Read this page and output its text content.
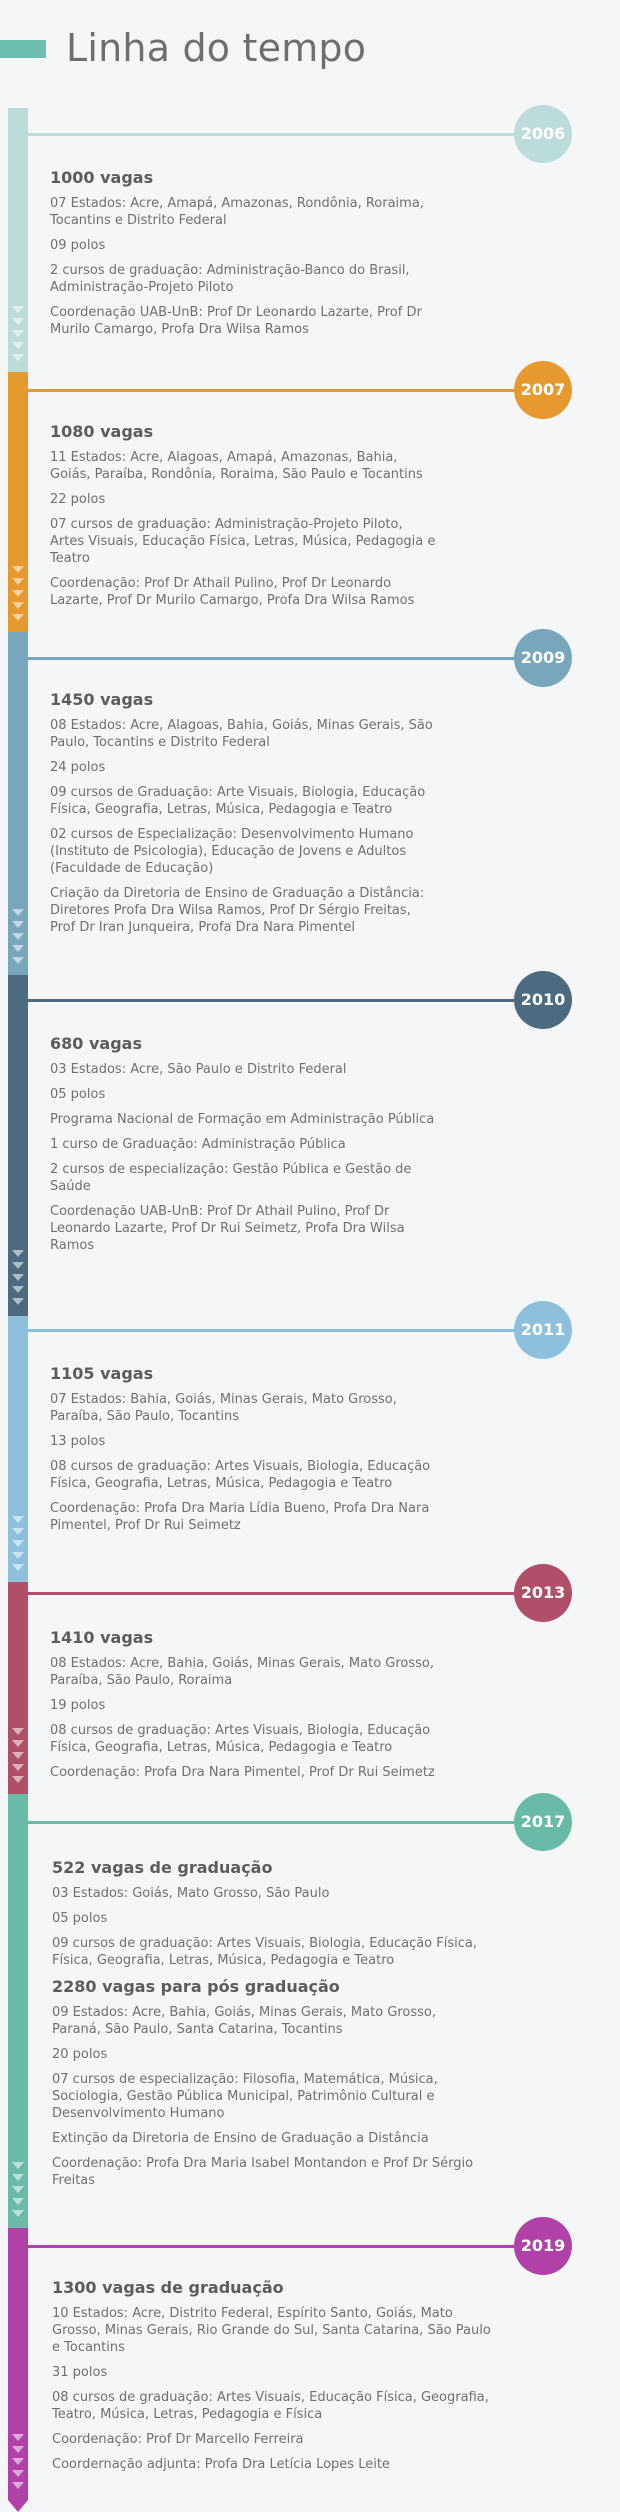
Linha do tempo
2006
1000 vagas

07 Estados: Acre, Amapá, Amazonas, Rondônia, Roraima, Tocantins e Distrito Federal

09 polos

2 cursos de graduação: Administração-Banco do Brasil, Administração-Projeto Piloto

Coordenação UAB-UnB: Prof Dr Leonardo Lazarte, Prof Dr Murilo Camargo, Profa Dra Wilsa Ramos

2007
1080 vagas

11 Estados: Acre, Alagoas, Amapá, Amazonas, Bahia, Goiás, Paraíba, Rondônia, Roraima, São Paulo e Tocantins

22 polos

07 cursos de graduação: Administração-Projeto Piloto, Artes Visuais, Educação Física, Letras, Música, Pedagogia e Teatro

Coordenação: Prof Dr Athail Pulino, Prof Dr Leonardo Lazarte, Prof Dr Murilo Camargo, Profa Dra Wilsa Ramos

2009
1450 vagas

08 Estados: Acre, Alagoas, Bahia, Goiás, Minas Gerais, São Paulo, Tocantins e Distrito Federal

24 polos

09 cursos de Graduação: Arte Visuais, Biologia, Educação Física, Geografia, Letras, Música, Pedagogia e Teatro

02 cursos de Especialização: Desenvolvimento Humano (Instituto de Psicologia), Educação de Jovens e Adultos (Faculdade de Educação)

Criação da Diretoria de Ensino de Graduação a Distância: Diretores Profa Dra Wilsa Ramos, Prof Dr Sérgio Freitas, Prof Dr Iran Junqueira, Profa Dra Nara Pimentel

2010
680 vagas

03 Estados: Acre, São Paulo e Distrito Federal

05 polos

Programa Nacional de Formação em Administração Pública

1 curso de Graduação: Administração Pública

2 cursos de especialização: Gestão Pública e Gestão de Saúde

Coordenação UAB-UnB: Prof Dr Athail Pulino, Prof Dr Leonardo Lazarte, Prof Dr Rui Seimetz, Profa Dra Wilsa Ramos

2011
1105 vagas

07 Estados: Bahia, Goiás, Minas Gerais, Mato Grosso, Paraíba, São Paulo, Tocantins

13 polos

08 cursos de graduação: Artes Visuais, Biologia, Educação Física, Geografia, Letras, Música, Pedagogia e Teatro

Coordenação: Profa Dra Maria Lídia Bueno, Profa Dra Nara Pimentel, Prof Dr Rui Seimetz

2013
1410 vagas

08 Estados: Acre, Bahia, Goiás, Minas Gerais, Mato Grosso, Paraíba, São Paulo, Roraima

19 polos

08 cursos de graduação: Artes Visuais, Biologia, Educação Física, Geografia, Letras, Música, Pedagogia e Teatro

Coordenação: Profa Dra Nara Pimentel, Prof Dr Rui Seimetz

2017
522 vagas de graduação

03 Estados: Goiás, Mato Grosso, São Paulo

05 polos

09 cursos de graduação: Artes Visuais, Biologia, Educação Física, Física, Geografia, Letras, Música, Pedagogia e Teatro

2280 vagas para pós graduação

09 Estados: Acre, Bahia, Goiás, Minas Gerais, Mato Grosso, Paraná, São Paulo, Santa Catarina, Tocantins

20 polos

07 cursos de especialização: Filosofia, Matemática, Música, Sociologia, Gestão Pública Municipal, Patrimônio Cultural e Desenvolvimento Humano

Extinção da Diretoria de Ensino de Graduação a Distância

Coordenação: Profa Dra Maria Isabel Montandon e Prof Dr Sérgio Freitas

2019
1300 vagas de graduação

10 Estados: Acre, Distrito Federal, Espírito Santo, Goiás, Mato Grosso, Minas Gerais, Rio Grande do Sul, Santa Catarina, São Paulo e Tocantins

31 polos

08 cursos de graduação: Artes Visuais, Educação Física, Geografia, Teatro, Música, Letras, Pedagogia e Física

Coordenação: Prof Dr Marcello Ferreira

Coordernação adjunta: Profa Dra Letícia Lopes Leite
